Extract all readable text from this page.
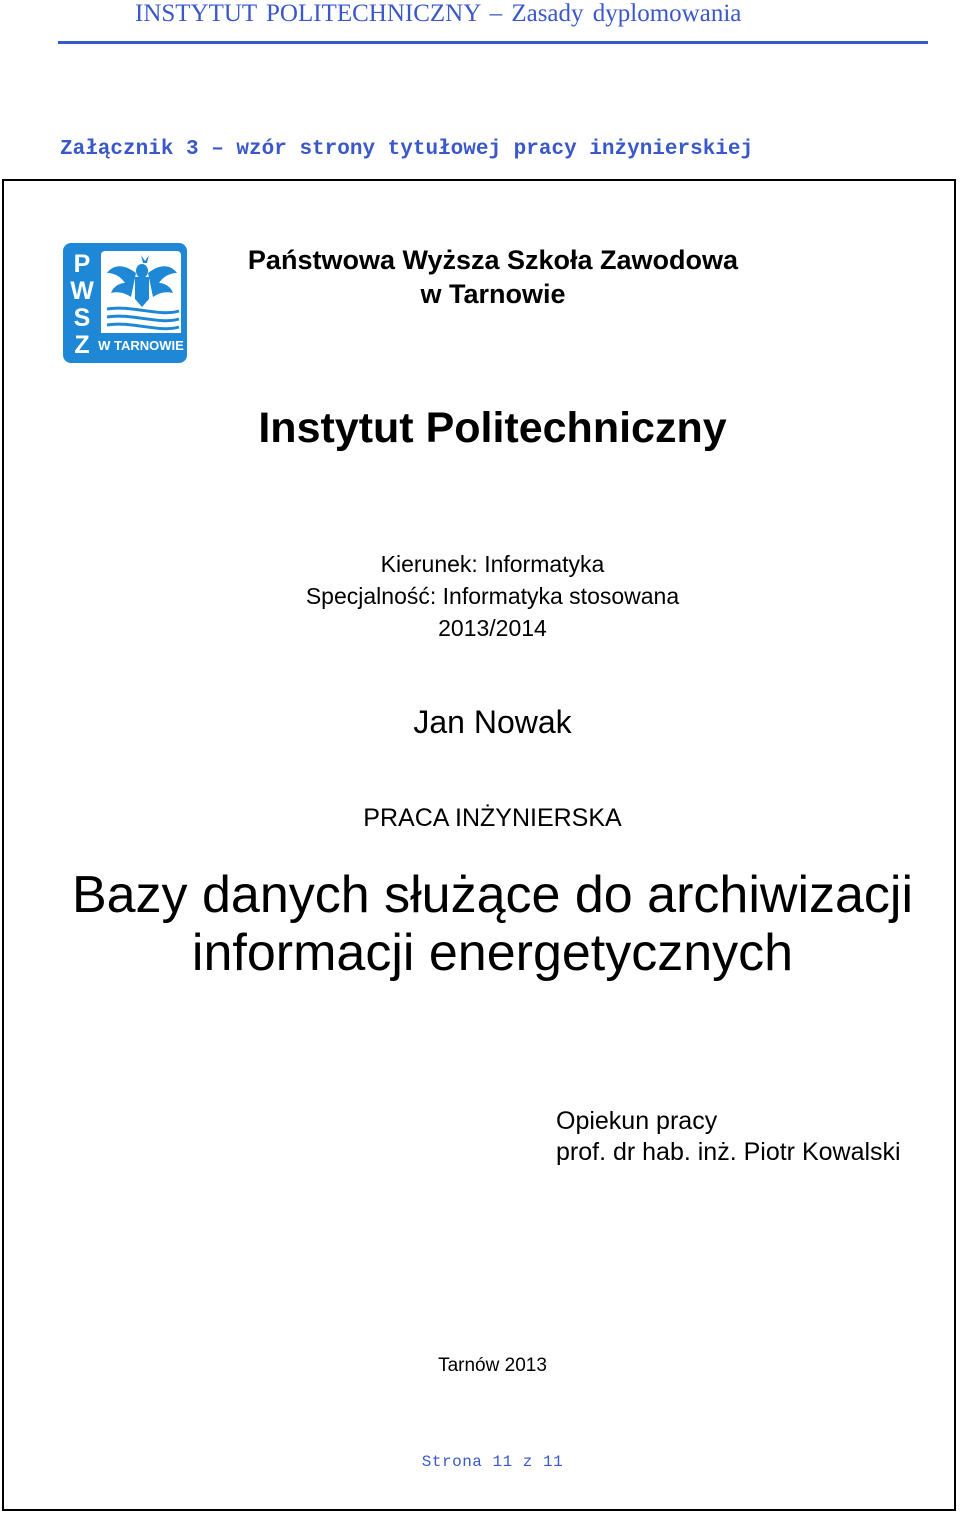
INSTYTUT POLITECHNICZNY – Zasady dyplomowania
Załącznik 3 – wzór strony tytułowej pracy inżynierskiej
P
W
S
Z W TARNOWIE
Państwowa Wyższa Szkoła Zawodowa
w Tarnowie
Instytut Politechniczny
Kierunek: Informatyka
Specjalność: Informatyka stosowana
2013/2014
Jan Nowak
PRACA INŻYNIERSKA
Bazy danych służące do archiwizacji
informacji energetycznych
Opiekun pracy
prof. dr hab. inż. Piotr Kowalski
Tarnów 2013
Strona 11 z 11
